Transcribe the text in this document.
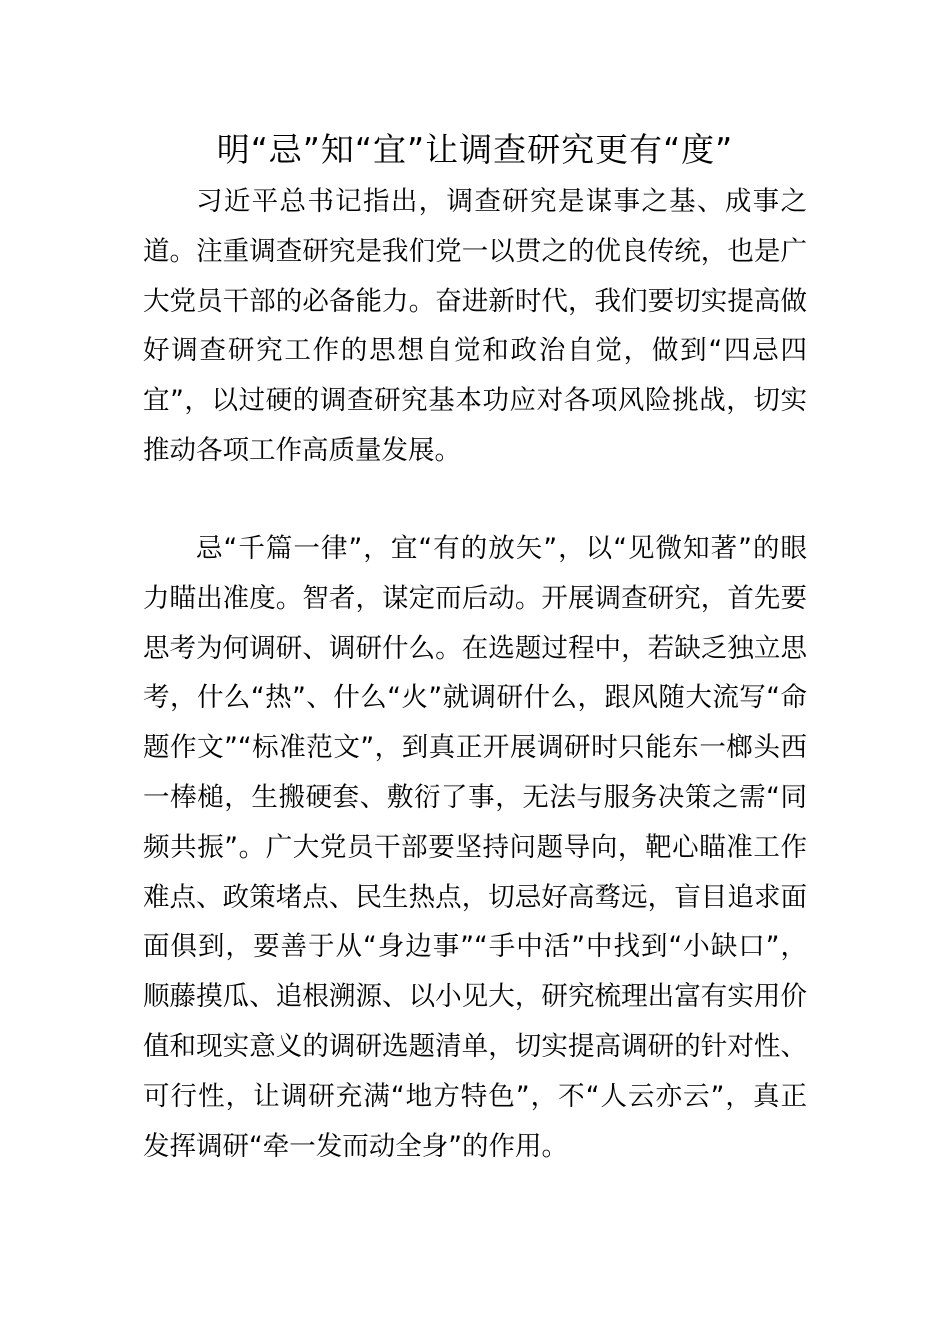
明“忌”知“宜”让调查研究更有“度”

习近平总书记指出，调查研究是谋事之基、成事之道。注重调查研究是我们党一以贯之的优良传统，也是广大党员干部的必备能力。奋进新时代，我们要切实提高做好调查研究工作的思想自觉和政治自觉，做到“四忌四宜”，以过硬的调查研究基本功应对各项风险挑战，切实推动各项工作高质量发展。

忌“千篇一律”，宜“有的放矢”，以“见微知著”的眼力瞄出准度。智者，谋定而后动。开展调查研究，首先要思考为何调研、调研什么。在选题过程中，若缺乏独立思考，什么“热”、什么“火”就调研什么，跟风随大流写“命题作文”“标准范文”，到真正开展调研时只能东一榔头西一棒槌，生搬硬套、敷衍了事，无法与服务决策之需“同频共振”。广大党员干部要坚持问题导向，靶心瞄准工作难点、政策堵点、民生热点，切忌好高骛远，盲目追求面面俱到，要善于从“身边事”“手中活”中找到“小缺口”，顺藤摸瓜、追根溯源、以小见大，研究梳理出富有实用价值和现实意义的调研选题清单，切实提高调研的针对性、可行性，让调研充满“地方特色”，不“人云亦云”，真正发挥调研“牵一发而动全身”的作用。
